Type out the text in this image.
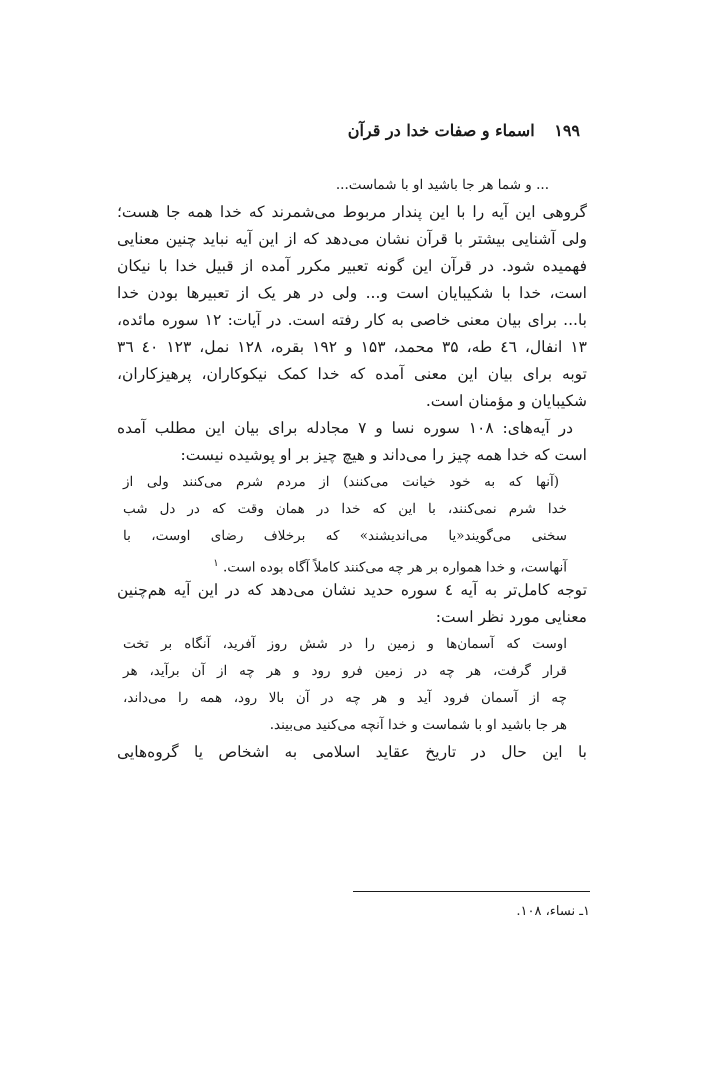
۱۹۹ اسماء و صفات خدا در قرآن
... و شما هر جا باشید او با شماست...
گروهی این آیه را با این پندار مربوط می‌شمرند که خدا همه جا هست؛
ولی آشنایی بیشتر با قرآن نشان می‌دهد که از این آیه نباید چنین معنایی
فهمیده شود. در قرآن این گونه تعبیر مکرر آمده از قبیل خدا با نیکان
است، خدا با شکیبایان است و... ولی در هر یک از تعبیرها بودن خدا
با... برای بیان معنی خاصی به کار رفته است. در آیات: ۱۲ سوره مائده،
۱۳ انفال، ٤٦ طه، ۳۵ محمد، ۱۵۳ و ۱۹۲ بقره، ۱۲۸ نمل، ۱۲۳ ٤۰ ۳٦
توبه برای بیان این معنی آمده که خدا کمک نیکوکاران، پرهیزکاران،
شکیبایان و مؤمنان است.
در آیه‌های: ۱۰۸ سوره نسا و ۷ مجادله برای بیان این مطلب آمده
است که خدا همه چیز را می‌داند و هیچ چیز بر او پوشیده نیست:
(آنها که به خود خیانت می‌کنند) از مردم شرم می‌کنند ولی از
خدا شرم نمی‌کنند، با این که خدا در همان وقت که در دل شب
سخنی می‌گویند«یا می‌اندیشند» که برخلاف رضای اوست، با
آنهاست، و خدا همواره بر هر چه می‌کنند کاملاً آگاه بوده است. $^۱$
توجه کامل‌تر به آیه ٤ سوره حدید نشان می‌دهد که در این آیه هم‌چنین
معنایی مورد نظر است:
اوست که آسمان‌ها و زمین را در شش روز آفرید، آنگاه بر تخت
قرار گرفت، هر چه در زمین فرو رود و هر چه از آن برآید، هر
چه از آسمان فرود آید و هر چه در آن بالا رود، همه را می‌داند،
هر جا باشید او با شماست و خدا آنچه می‌کنید می‌بیند.
با این حال در تاریخ عقاید اسلامی به اشخاص یا گروه‌هایی
۱ـ نساء، ۱۰۸.
